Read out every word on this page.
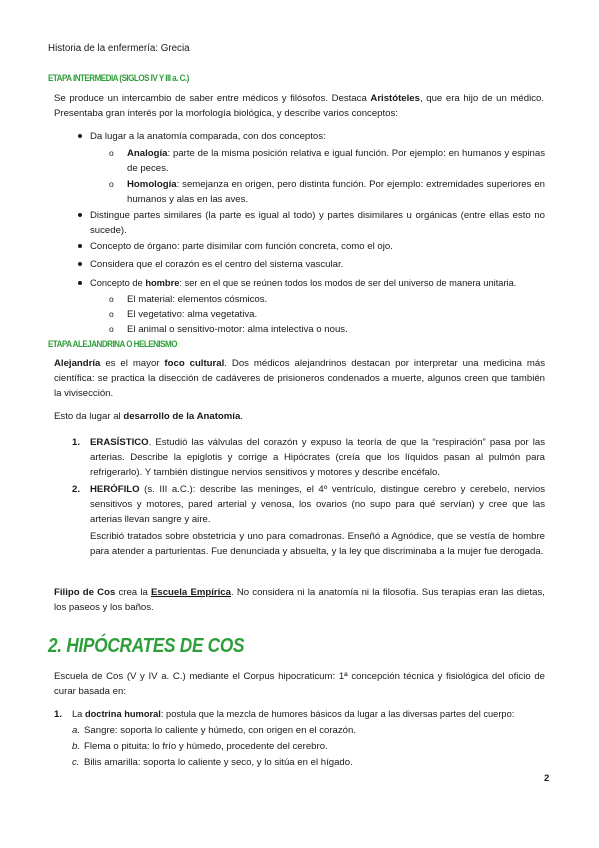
Historia de la enfermería: Grecia
ETAPA INTERMEDIA (SIGLOS IV Y III a. C.)
Se produce un intercambio de saber entre médicos y filósofos. Destaca Aristóteles, que era hijo de un médico. Presentaba gran interés por la morfología biológica, y describe varios conceptos:
Da lugar a la anatomía comparada, con dos conceptos:
o Analogía: parte de la misma posición relativa e igual función. Por ejemplo: en humanos y espinas de peces.
o Homología: semejanza en origen, pero distinta función. Por ejemplo: extremidades superiores en humanos y alas en las aves.
Distingue partes similares (la parte es igual al todo) y partes disimilares u orgánicas (entre ellas esto no sucede).
Concepto de órgano: parte disimilar com función concreta, como el ojo.
Considera que el corazón es el centro del sistema vascular.
Concepto de hombre: ser en el que se reúnen todos los modos de ser del universo de manera unitaria.
o El material: elementos cósmicos.
o El vegetativo: alma vegetativa.
o El animal o sensitivo-motor: alma intelectiva o nous.
ETAPA ALEJANDRINA O HELENISMO
Alejandría es el mayor foco cultural. Dos médicos alejandrinos destacan por interpretar una medicina más científica: se practica la disección de cadáveres de prisioneros condenados a muerte, algunos creen que también la vivisección.
Esto da lugar al desarrollo de la Anatomía.
1. ERASÍSTICO. Estudió las válvulas del corazón y expuso la teoría de que la “respiración” pasa por las arterias. Describe la epiglotis y corrige a Hipócrates (creía que los líquidos pasan al pulmón para refrigerarlo). Y también distingue nervios sensitivos y motores y describe encéfalo.
2. HERÓFILO (s. III a.C.): describe las meninges, el 4º ventrículo, distingue cerebro y cerebelo, nervios sensitivos y motores, pared arterial y venosa, los ovarios (no supo para qué servían) y cree que las arterias llevan sangre y aire.
Escribió tratados sobre obstetricia y uno para comadronas. Enseñó a Agnódice, que se vestía de hombre para atender a parturientas. Fue denunciada y absuelta, y la ley que discriminaba a la mujer fue derogada.
Filipo de Cos crea la Escuela Empírica. No considera ni la anatomía ni la filosofía. Sus terapias eran las dietas, los paseos y los baños.
2. HIPÓCRATES DE COS
Escuela de Cos (V y IV a. C.) mediante el Corpus hipocraticum: 1ª concepción técnica y fisiológica del oficio de curar basada en:
1. La doctrina humoral: postula que la mezcla de humores básicos da lugar a las diversas partes del cuerpo:
a. Sangre: soporta lo caliente y húmedo, con origen en el corazón.
b. Flema o pituita: lo frío y húmedo, procedente del cerebro.
c. Bilis amarilla: soporta lo caliente y seco, y lo sitúa en el hígado.
2
